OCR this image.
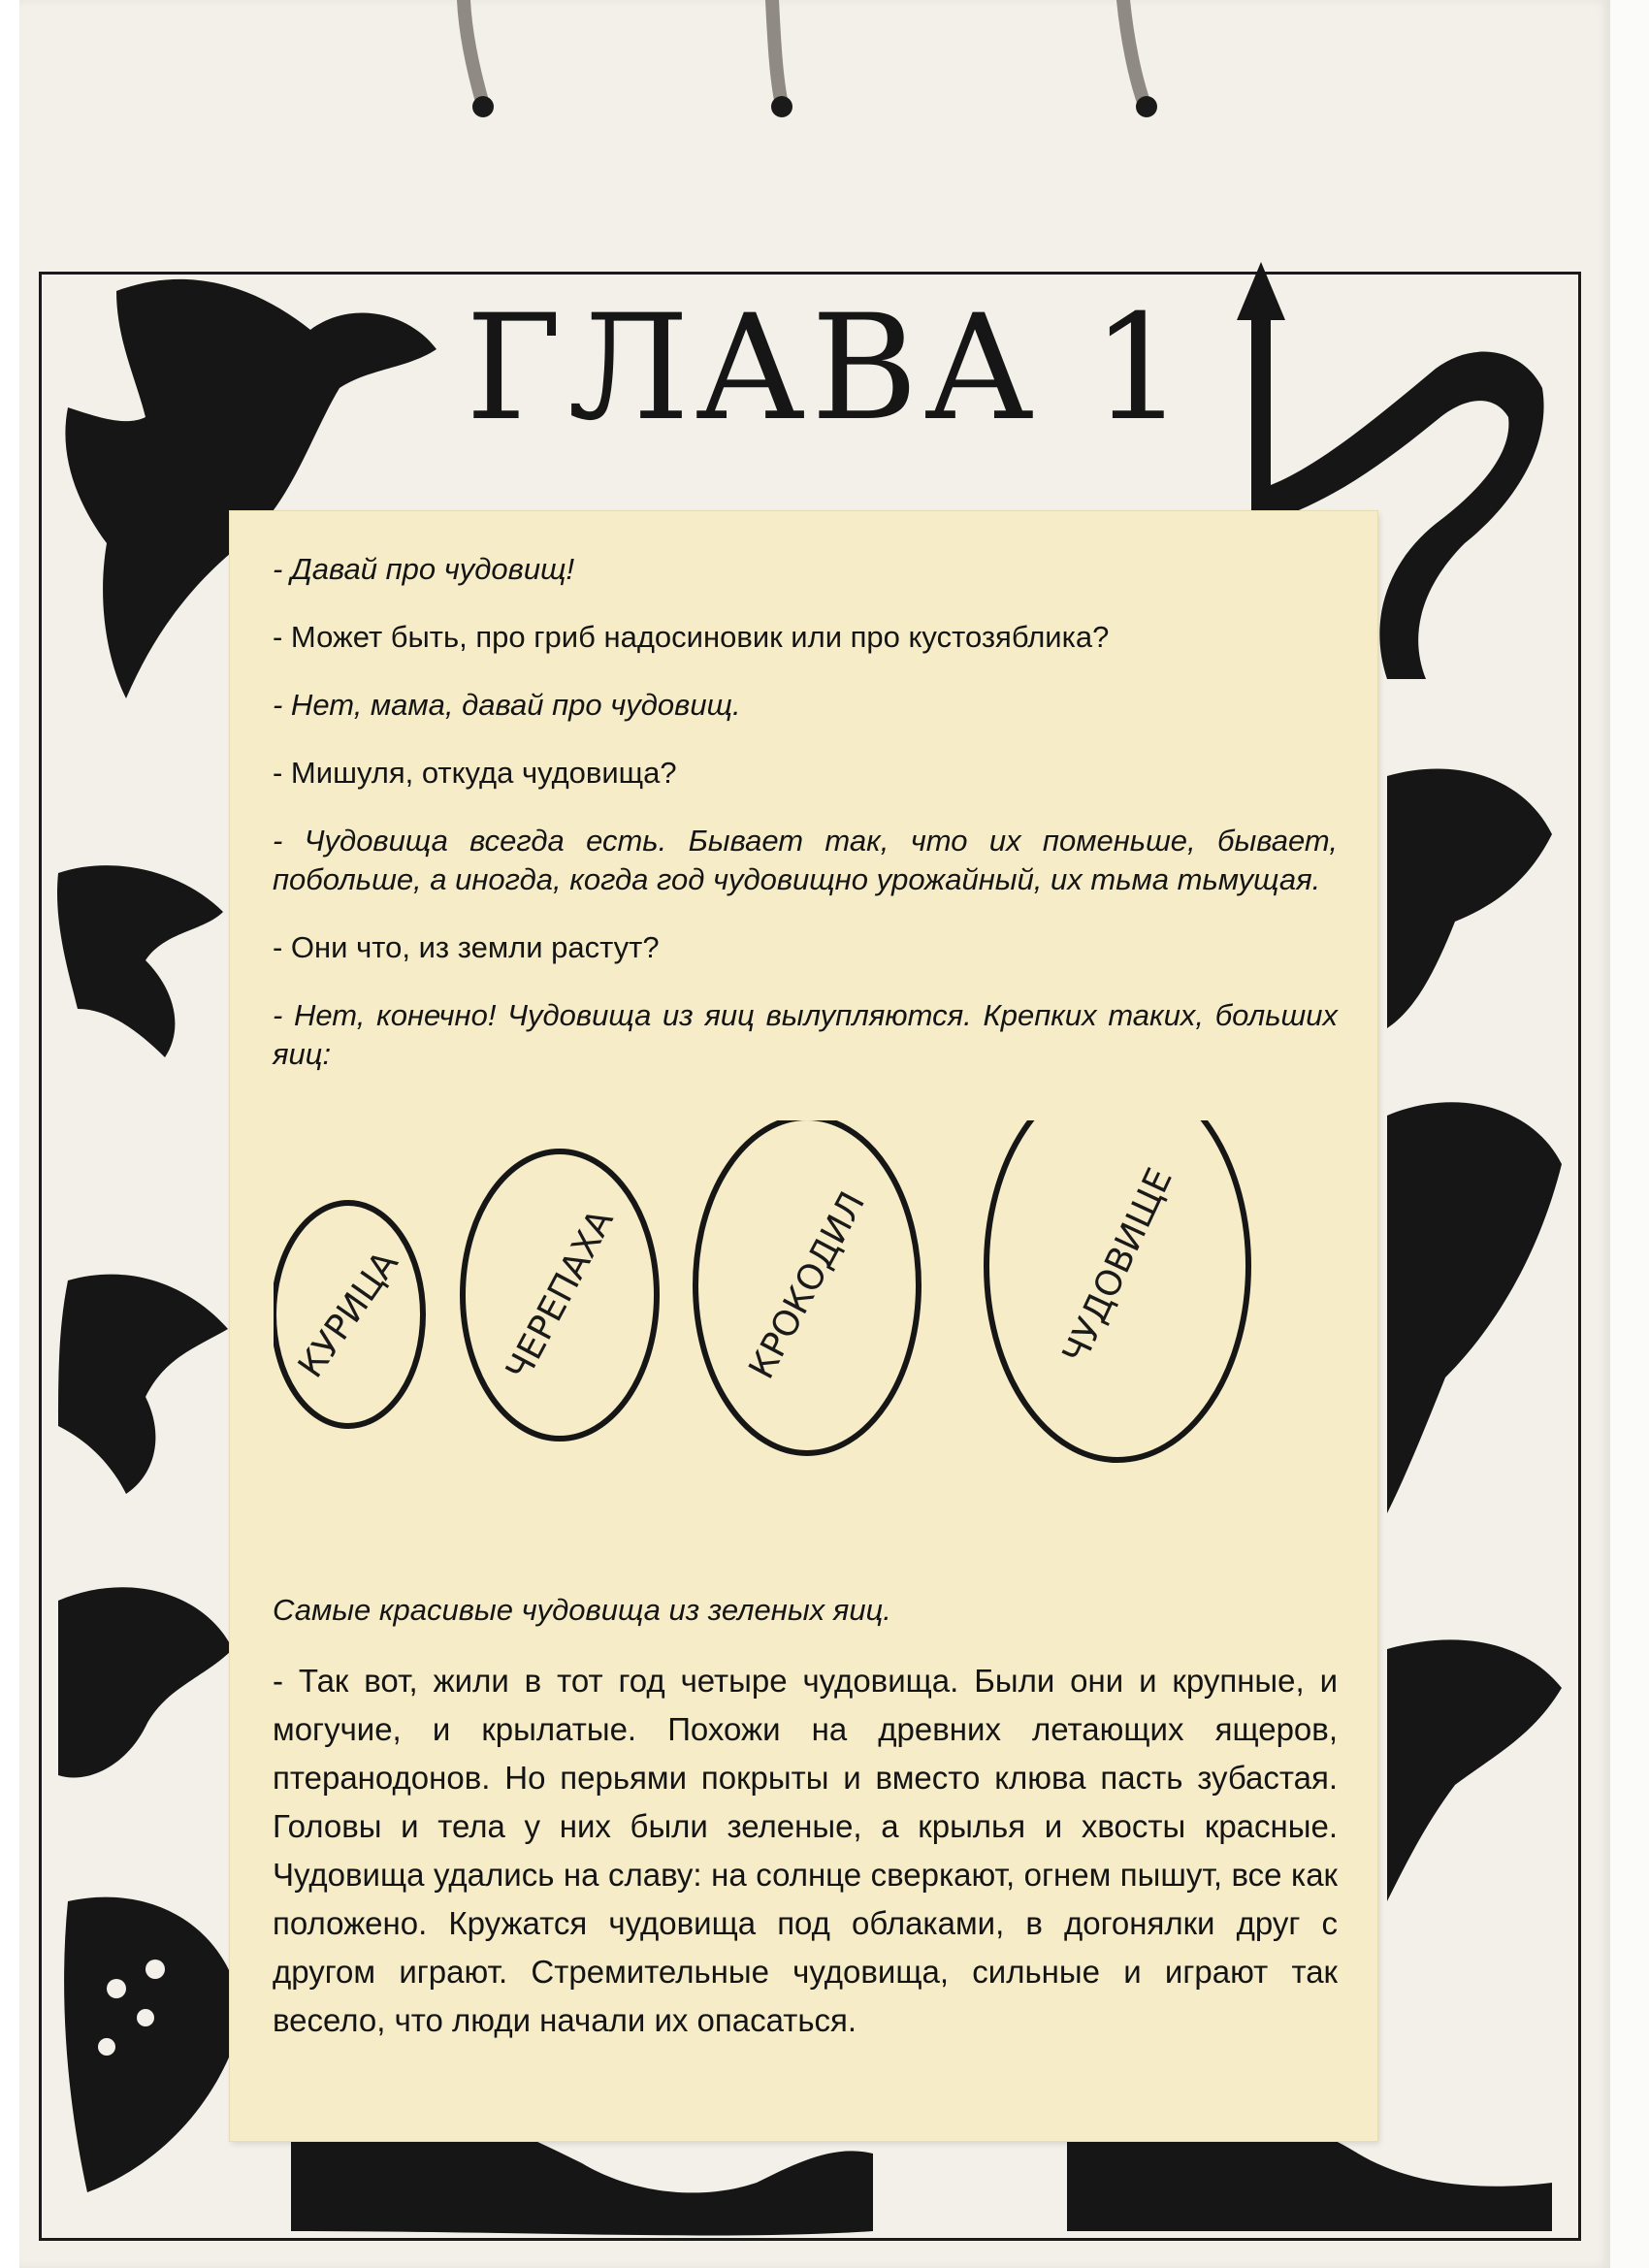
ГЛАВА 1

- Давай про чудовищ!

- Может быть, про гриб надосиновик или про кустозяблика?

- Нет, мама, давай про чудовищ.

- Мишуля, откуда чудовища?

- Чудовища всегда есть. Бывает так, что их поменьше, бывает, побольше, а иногда, когда год чудовищно урожайный, их тьма тьмущая.

- Они что, из земли растут?

- Нет, конечно! Чудовища из яиц вылупляются. Крепких таких, больших яиц:

КУРИЦА	ЧЕРЕПАХА	КРОКОДИЛ	ЧУДОВИЩЕ

Самые красивые чудовища из зеленых яиц.

- Так вот, жили в тот год четыре чудовища. Были они и крупные, и могучие, и крылатые. Похожи на древних летающих ящеров, птеранодонов. Но перьями покрыты и вместо клюва пасть зубастая. Головы и тела у них были зеленые, а крылья и хвосты красные. Чудовища удались на славу: на солнце сверкают, огнем пышут, все как положено. Кружатся чудовища под облаками, в догонялки друг с другом играют. Стремительные чудовища, сильные и играют так весело, что люди начали их опасаться.
